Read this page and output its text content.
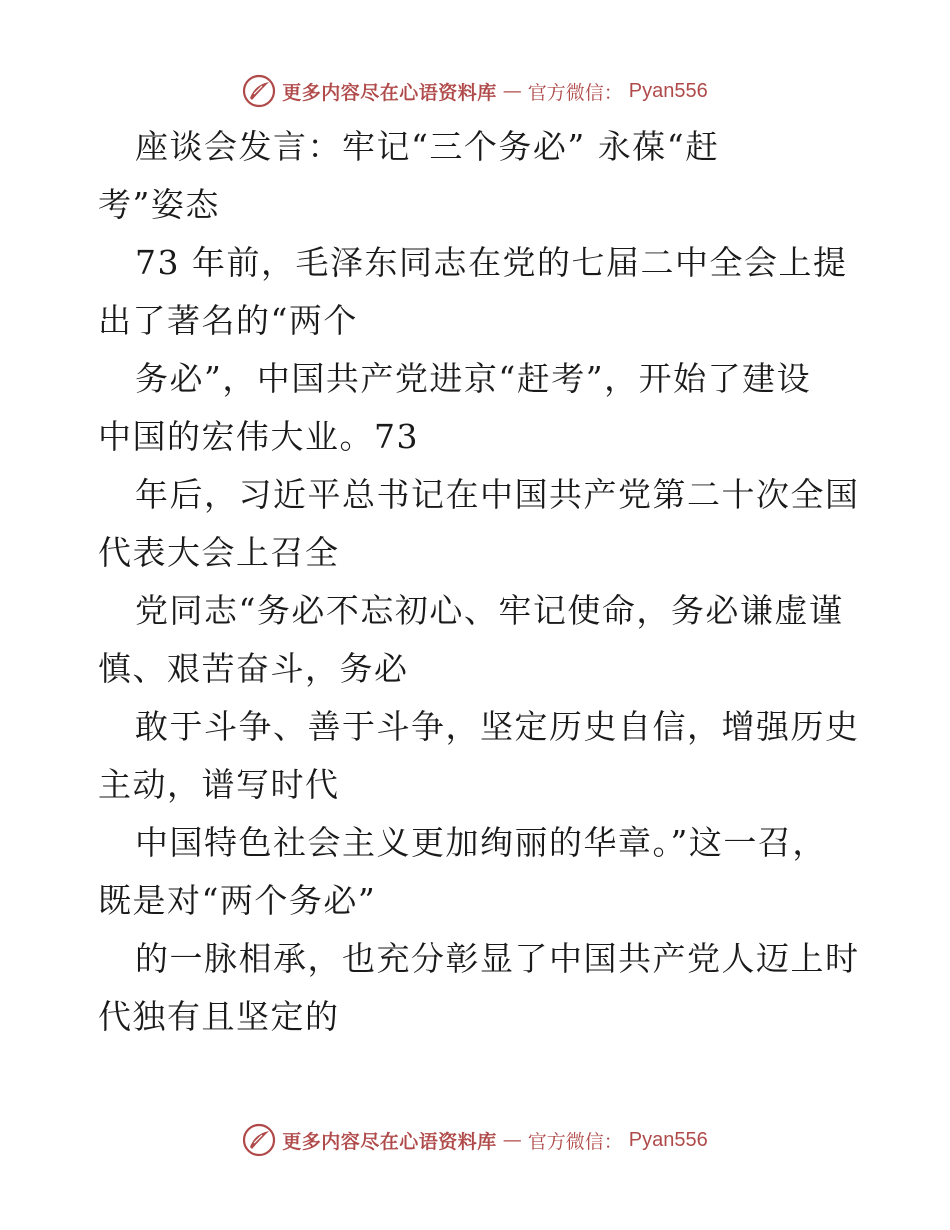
更多内容尽在心语资料库 — 官方微信： Pyan556
座谈会发言：牢记“三个务必” 永葆“赶
考”姿态
73 年前，毛泽东同志在党的七届二中全会上提
出了著名的“两个
务必”，中国共产党进京“赶考”，开始了建设
中国的宏伟大业。73
年后，习近平总书记在中国共产党第二十次全国
代表大会上召全
党同志“务必不忘初心、牢记使命，务必谦虚谨
慎、艰苦奋斗，务必
敢于斗争、善于斗争，坚定历史自信，增强历史
主动，谱写时代
中国特色社会主义更加绚丽的华章。”这一召，
既是对“两个务必”
的一脉相承，也充分彰显了中国共产党人迈上时
代独有且坚定的
更多内容尽在心语资料库 — 官方微信： Pyan556
